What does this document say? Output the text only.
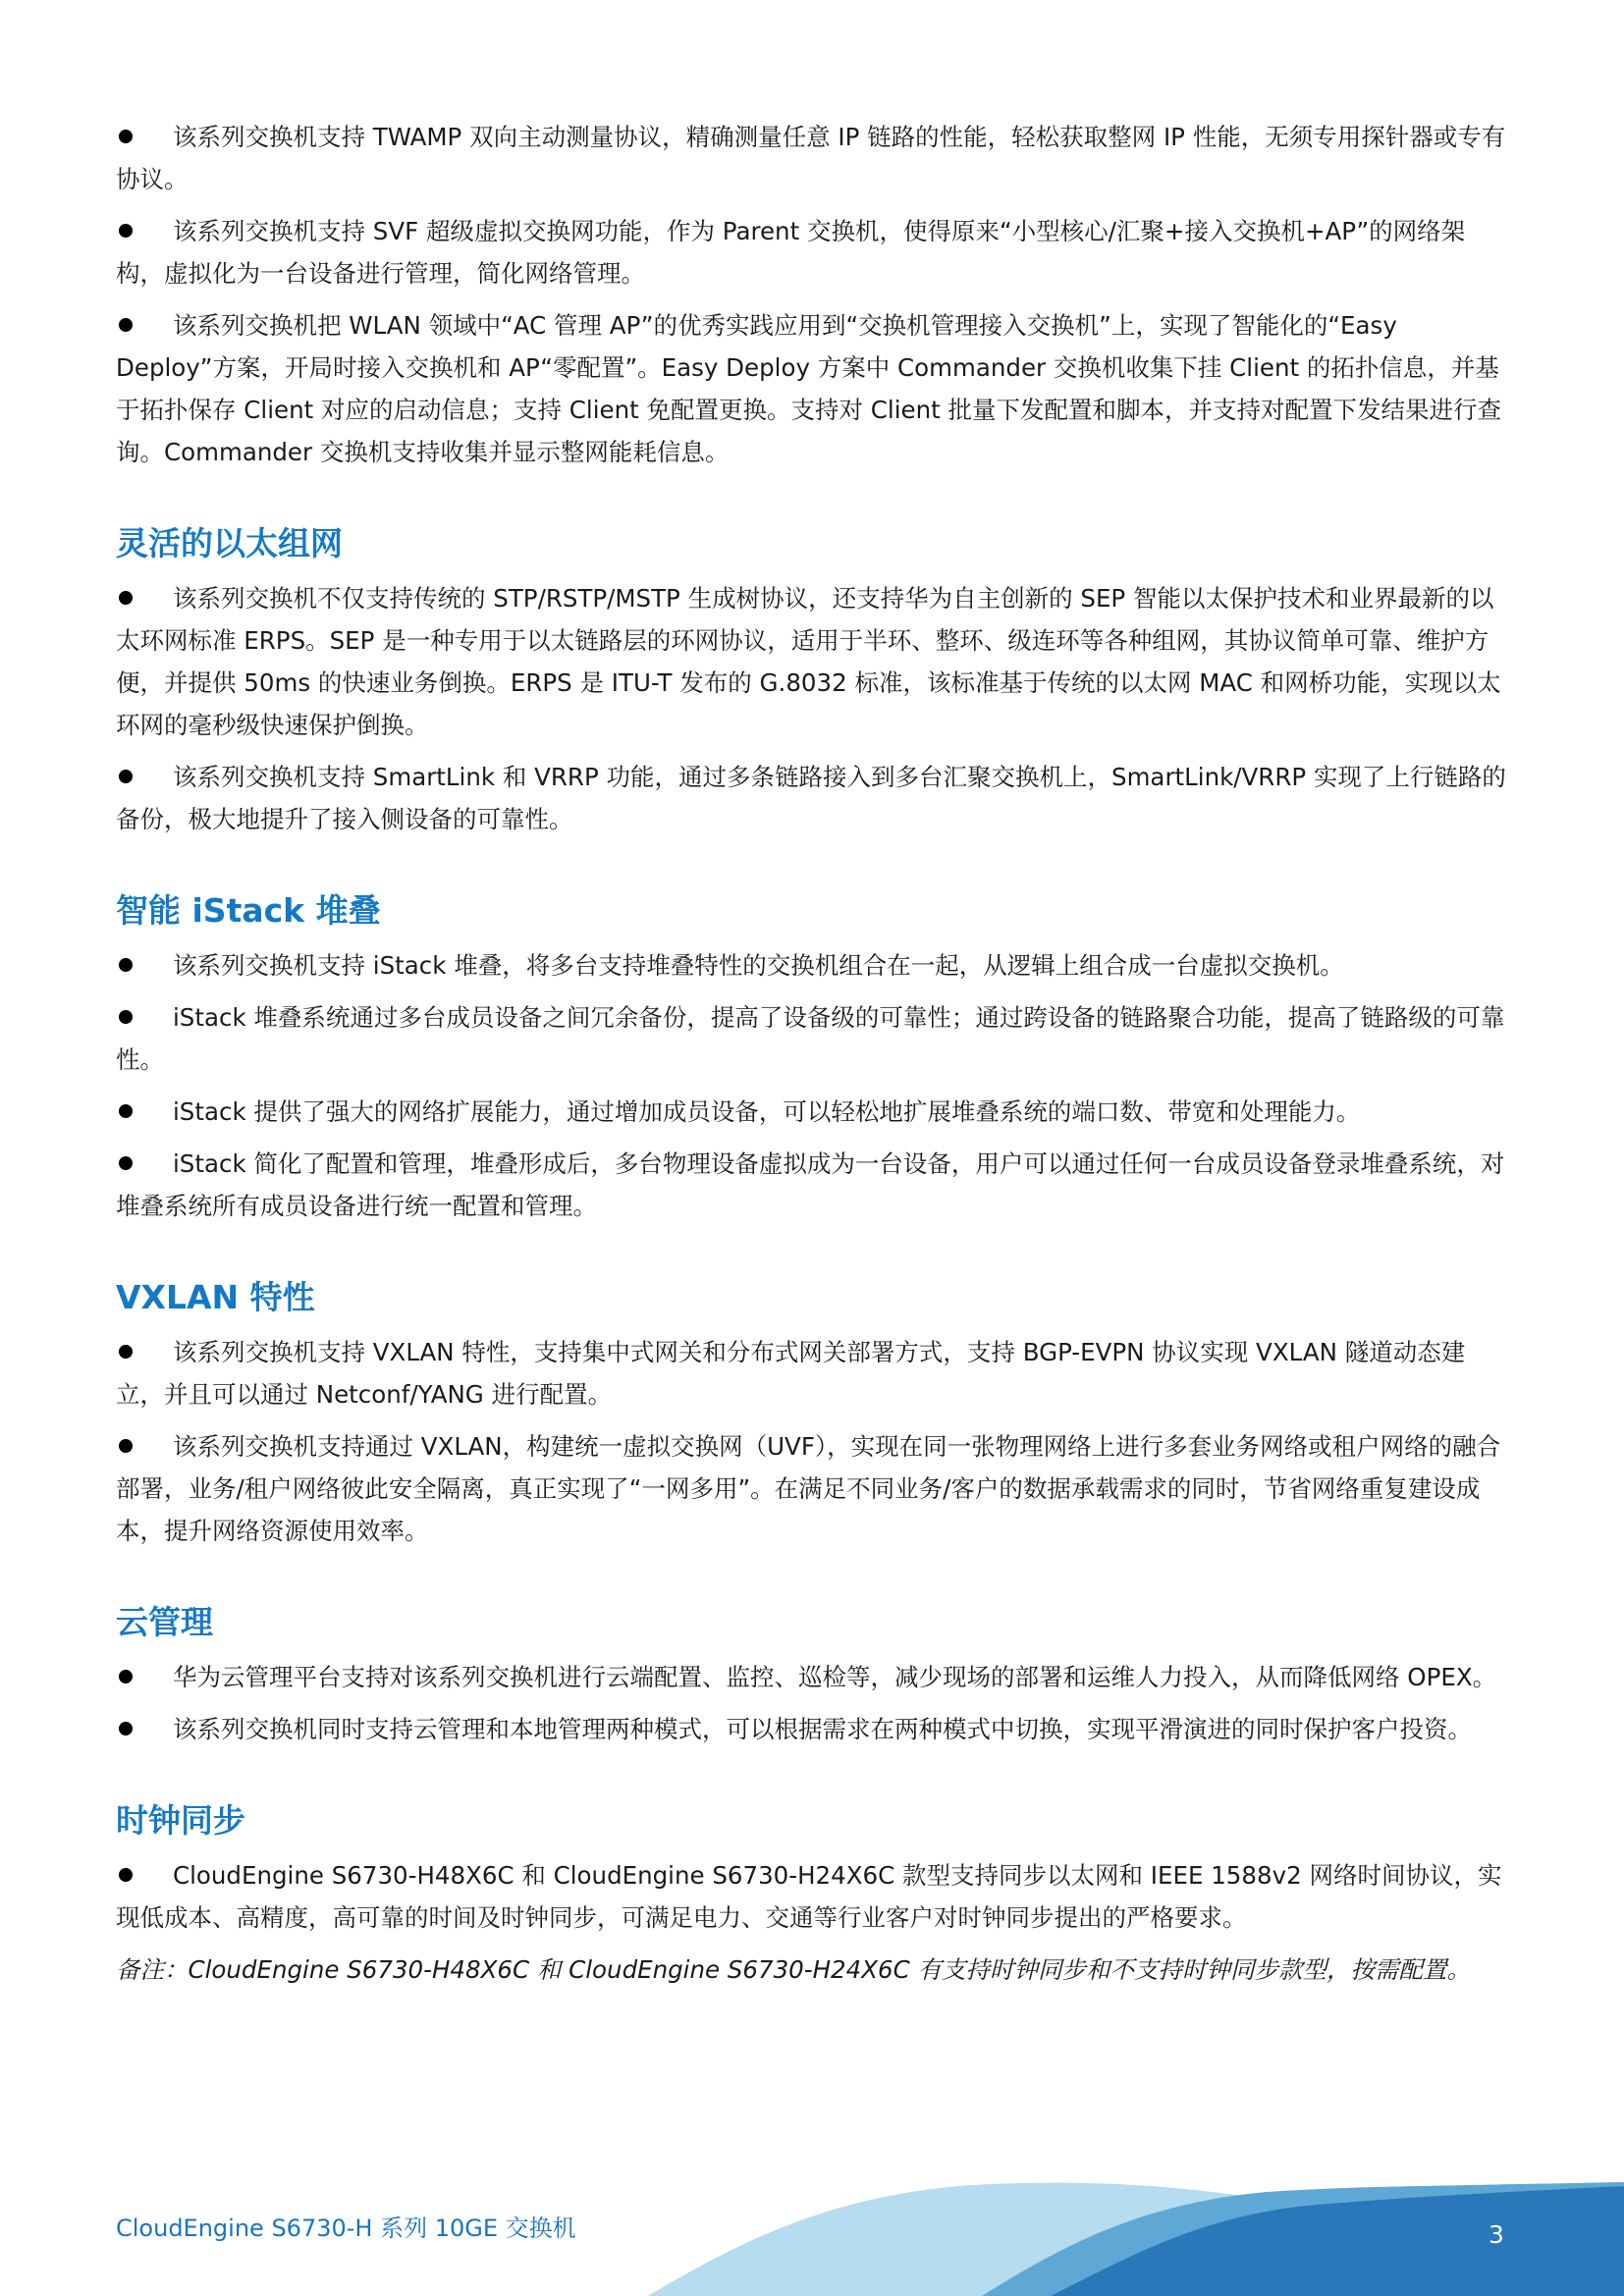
该系列交换机支持 TWAMP 双向主动测量协议，精确测量任意 IP 链路的性能，轻松获取整网 IP 性能，无须专用探针器或专有协议。
该系列交换机支持 SVF 超级虚拟交换网功能，作为 Parent 交换机，使得原来“小型核心/汇聚+接入交换机+AP”的网络架构，虚拟化为一台设备进行管理，简化网络管理。
该系列交换机把 WLAN 领域中“AC 管理 AP”的优秀实践应用到“交换机管理接入交换机”上，实现了智能化的“Easy Deploy”方案，开局时接入交换机和 AP“零配置”。Easy Deploy 方案中 Commander 交换机收集下挂 Client 的拓扑信息，并基于拓扑保存 Client 对应的启动信息；支持 Client 免配置更换。支持对 Client 批量下发配置和脚本，并支持对配置下发结果进行查询。Commander 交换机支持收集并显示整网能耗信息。
灵活的以太组网
该系列交换机不仅支持传统的 STP/RSTP/MSTP 生成树协议，还支持华为自主创新的 SEP 智能以太保护技术和业界最新的以太环网标准 ERPS。SEP 是一种专用于以太链路层的环网协议，适用于半环、整环、级连环等各种组网，其协议简单可靠、维护方便，并提供 50ms 的快速业务倒换。ERPS 是 ITU-T 发布的 G.8032 标准，该标准基于传统的以太网 MAC 和网桥功能，实现以太环网的毫秒级快速保护倒换。
该系列交换机支持 SmartLink 和 VRRP 功能，通过多条链路接入到多台汇聚交换机上，SmartLink/VRRP 实现了上行链路的备份，极大地提升了接入侧设备的可靠性。
智能 iStack 堆叠
该系列交换机支持 iStack 堆叠，将多台支持堆叠特性的交换机组合在一起，从逻辑上组合成一台虚拟交换机。
iStack 堆叠系统通过多台成员设备之间冗余备份，提高了设备级的可靠性；通过跨设备的链路聚合功能，提高了链路级的可靠性。
iStack 提供了强大的网络扩展能力，通过增加成员设备，可以轻松地扩展堆叠系统的端口数、带宽和处理能力。
iStack 简化了配置和管理，堆叠形成后，多台物理设备虚拟成为一台设备，用户可以通过任何一台成员设备登录堆叠系统，对堆叠系统所有成员设备进行统一配置和管理。
VXLAN 特性
该系列交换机支持 VXLAN 特性，支持集中式网关和分布式网关部署方式，支持 BGP-EVPN 协议实现 VXLAN 隧道动态建立，并且可以通过 Netconf/YANG 进行配置。
该系列交换机支持通过 VXLAN，构建统一虚拟交换网（UVF），实现在同一张物理网络上进行多套业务网络或租户网络的融合部署，业务/租户网络彼此安全隔离，真正实现了“一网多用”。在满足不同业务/客户的数据承载需求的同时，节省网络重复建设成本，提升网络资源使用效率。
云管理
华为云管理平台支持对该系列交换机进行云端配置、监控、巡检等，减少现场的部署和运维人力投入，从而降低网络 OPEX。
该系列交换机同时支持云管理和本地管理两种模式，可以根据需求在两种模式中切换，实现平滑演进的同时保护客户投资。
时钟同步
CloudEngine S6730-H48X6C 和 CloudEngine S6730-H24X6C 款型支持同步以太网和 IEEE 1588v2 网络时间协议，实现低成本、高精度，高可靠的时间及时钟同步，可满足电力、交通等行业客户对时钟同步提出的严格要求。

备注：CloudEngine S6730-H48X6C 和 CloudEngine S6730-H24X6C 有支持时钟同步和不支持时钟同步款型，按需配置。

CloudEngine S6730-H 系列 10GE 交换机	3
